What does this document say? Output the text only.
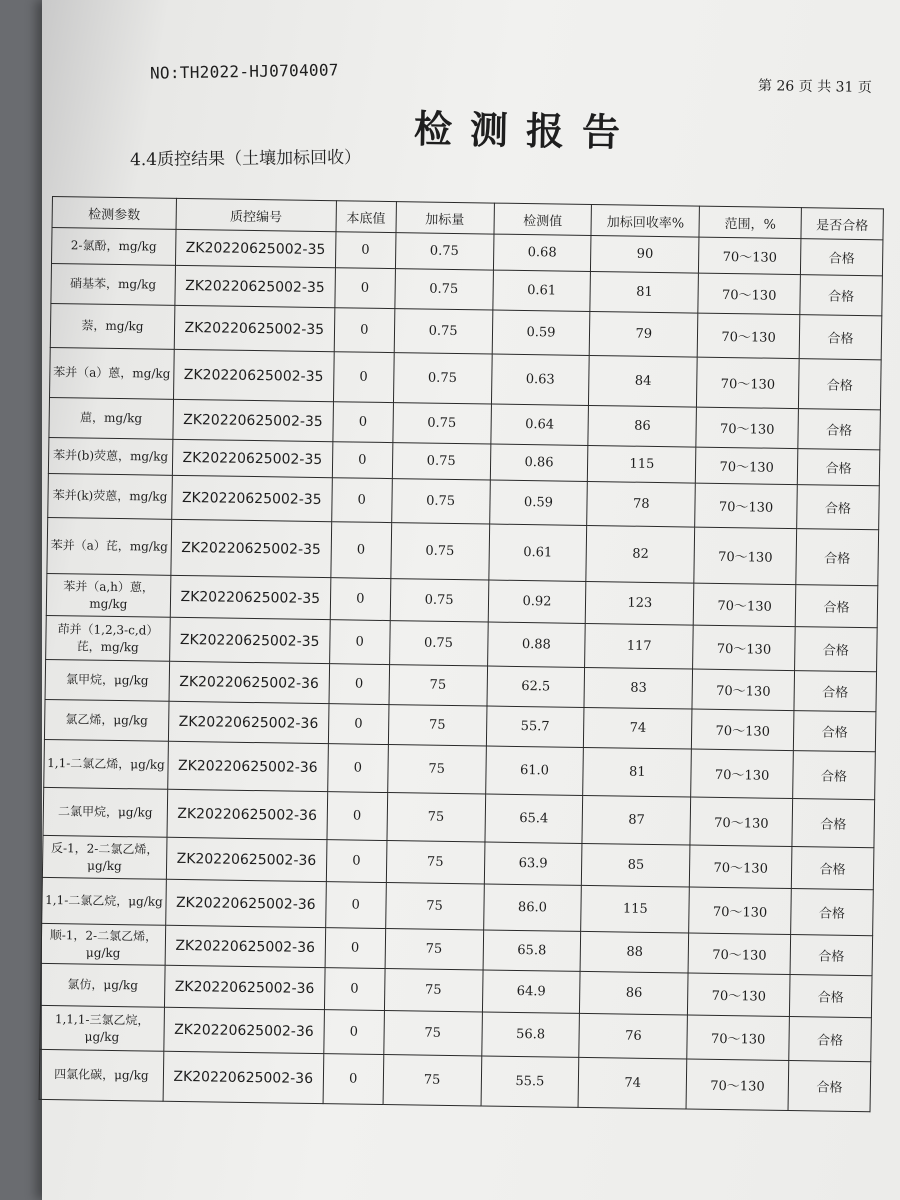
NO:TH2022-HJ0704007
第 26 页 共 31 页
检测报告
4.4质控结果（土壤加标回收）
检测参数	质控编号	本底值	加标量	检测值	加标回收率%	范围，%	是否合格
2-氯酚，mg/kg	ZK20220625002-35	0	0.75	0.68	90	70～130	合格
硝基苯，mg/kg	ZK20220625002-35	0	0.75	0.61	81	70～130	合格
萘，mg/kg	ZK20220625002-35	0	0.75	0.59	79	70～130	合格
苯并（a）蒽，mg/kg	ZK20220625002-35	0	0.75	0.63	84	70～130	合格
䓛，mg/kg	ZK20220625002-35	0	0.75	0.64	86	70～130	合格
苯并(b)荧蒽，mg/kg	ZK20220625002-35	0	0.75	0.86	115	70～130	合格
苯并(k)荧蒽，mg/kg	ZK20220625002-35	0	0.75	0.59	78	70～130	合格
苯并（a）芘，mg/kg	ZK20220625002-35	0	0.75	0.61	82	70～130	合格
苯并（a,h）蒽，mg/kg	ZK20220625002-35	0	0.75	0.92	123	70～130	合格
茚并（1,2,3-c,d）芘，mg/kg	ZK20220625002-35	0	0.75	0.88	117	70～130	合格
氯甲烷，μg/kg	ZK20220625002-36	0	75	62.5	83	70～130	合格
氯乙烯，μg/kg	ZK20220625002-36	0	75	55.7	74	70～130	合格
1,1-二氯乙烯，μg/kg	ZK20220625002-36	0	75	61.0	81	70～130	合格
二氯甲烷，μg/kg	ZK20220625002-36	0	75	65.4	87	70～130	合格
反-1，2-二氯乙烯，μg/kg	ZK20220625002-36	0	75	63.9	85	70～130	合格
1,1-二氯乙烷，μg/kg	ZK20220625002-36	0	75	86.0	115	70～130	合格
顺-1，2-二氯乙烯，μg/kg	ZK20220625002-36	0	75	65.8	88	70～130	合格
氯仿，μg/kg	ZK20220625002-36	0	75	64.9	86	70～130	合格
1,1,1-三氯乙烷，μg/kg	ZK20220625002-36	0	75	56.8	76	70～130	合格
四氯化碳，μg/kg	ZK20220625002-36	0	75	55.5	74	70～130	合格
